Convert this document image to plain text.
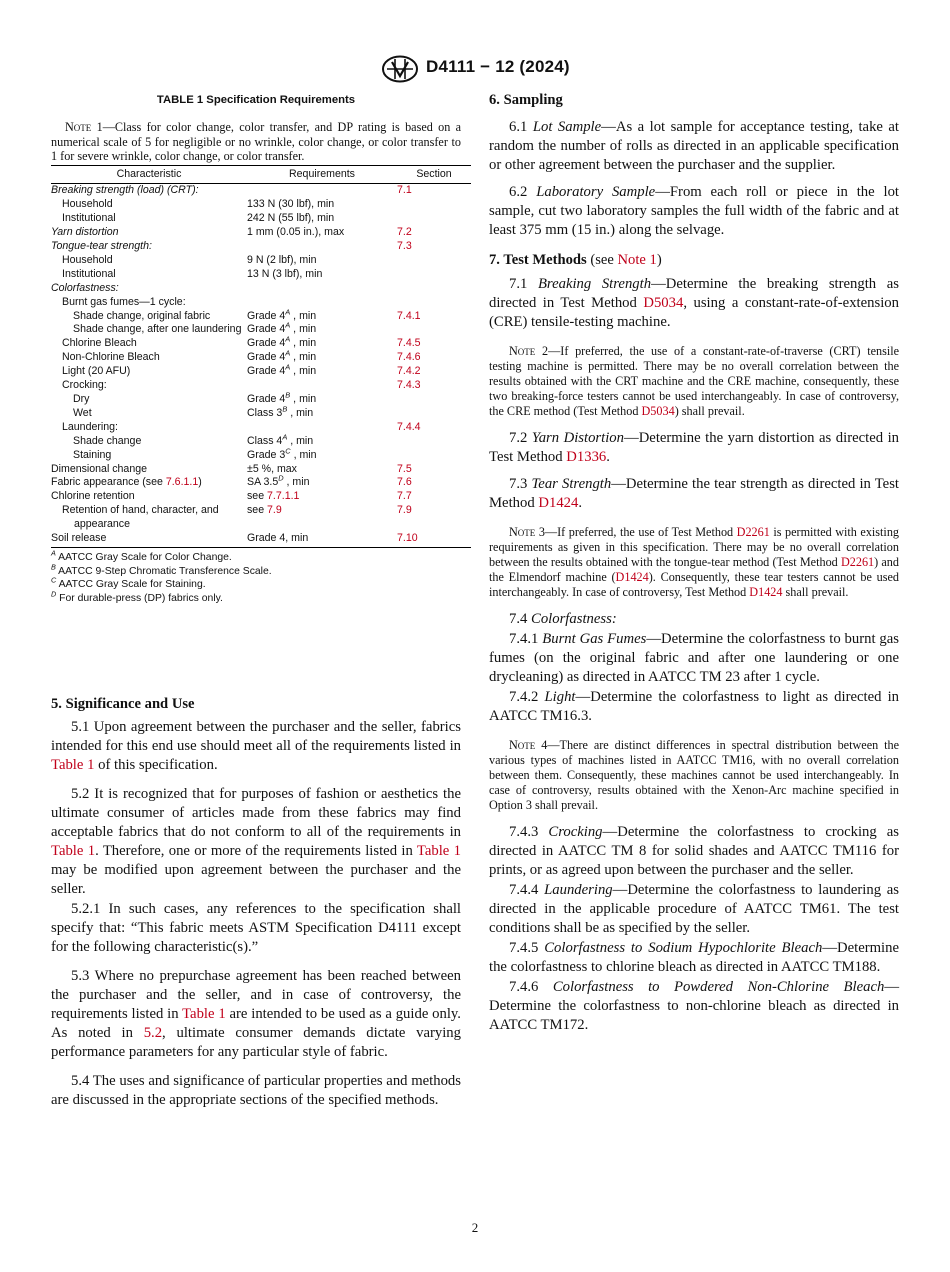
D4111 − 12 (2024)
TABLE 1 Specification Requirements

Note 1—Class for color change, color transfer, and DP rating is based on a numerical scale of 5 for negligible or no wrinkle, color change, or color transfer to 1 for severe wrinkle, color change, or color transfer.

Characteristic	Requirements	Section
Breaking strength (load) (CRT):		7.1
Household	133 N (30 lbf), min	
Institutional	242 N (55 lbf), min	
Yarn distortion	1 mm (0.05 in.), max	7.2
Tongue-tear strength:		7.3
Household	9 N (2 lbf), min	
Institutional	13 N (3 lbf), min	
Colorfastness:		
Burnt gas fumes—1 cycle:		
Shade change, original fabric	Grade $4^A$ , min	7.4.1

Shade change, after one laundering	Grade $4^A$ , min	
Chlorine Bleach	Grade $4^A$ , min	7.4.5
Non-Chlorine Bleach	Grade $4^A$ , min	7.4.6
Light (20 AFU)	Grade $4^A$ , min	7.4.2
Crocking:		7.4.3
Dry	Grade $4^B$ , min	
Wet	Class $3^B$ , min	
Laundering:		7.4.4
Shade change	Class $4^A$ , min	
Staining	Grade $3^C$ , min	
Dimensional change	±5 %, max	7.5
Fabric appearance (see 7.6.1.1)	SA $3.5^D$ , min	7.6
Chlorine retention	see 7.7.1.1	7.7

Retention of hand, character, and appearance	see 7.9	7.9
Soil release	Grade 4, min	7.10
$^A$ AATCC Gray Scale for Color Change.
$^B$ AATCC 9-Step Chromatic Transference Scale.
$^C$ AATCC Gray Scale for Staining.
$^D$ For durable-press (DP) fabrics only.

5. Significance and Use

5.1 Upon agreement between the purchaser and the seller, fabrics intended for this end use should meet all of the requirements listed in Table 1 of this specification.

5.2 It is recognized that for purposes of fashion or aesthetics the ultimate consumer of articles made from these fabrics may find acceptable fabrics that do not conform to all of the requirements in Table 1. Therefore, one or more of the requirements listed in Table 1 may be modified upon agreement between the purchaser and the seller.

5.2.1 In such cases, any references to the specification shall specify that: “This fabric meets ASTM Specification D4111 except for the following characteristic(s).”

5.3 Where no prepurchase agreement has been reached between the purchaser and the seller, and in case of controversy, the requirements listed in Table 1 are intended to be used as a guide only. As noted in 5.2, ultimate consumer demands dictate varying performance parameters for any particular style of fabric.

5.4 The uses and significance of particular properties and methods are discussed in the appropriate sections of the specified methods.

6. Sampling

6.1 Lot Sample—As a lot sample for acceptance testing, take at random the number of rolls as directed in an applicable specification or other agreement between the purchaser and the supplier.

6.2 Laboratory Sample—From each roll or piece in the lot sample, cut two laboratory samples the full width of the fabric and at least 375 mm (15 in.) along the selvage.

7. Test Methods (see Note 1)

7.1 Breaking Strength—Determine the breaking strength as directed in Test Method D5034, using a constant-rate-of-extension (CRE) tensile-testing machine.

Note 2—If preferred, the use of a constant-rate-of-traverse (CRT) tensile testing machine is permitted. There may be no overall correlation between the results obtained with the CRT machine and the CRE machine, consequently, these two breaking-force testers cannot be used interchangeably. In case of controversy, the CRE method (Test Method D5034) shall prevail.

7.2 Yarn Distortion—Determine the yarn distortion as directed in Test Method D1336.

7.3 Tear Strength—Determine the tear strength as directed in Test Method D1424.

Note 3—If preferred, the use of Test Method D2261 is permitted with existing requirements as given in this specification. There may be no overall correlation between the results obtained with the tongue-tear method (Test Method D2261) and the Elmendorf machine (D1424). Consequently, these tear testers cannot be used interchangeably. In case of controversy, Test Method D1424 shall prevail.

7.4 Colorfastness:

7.4.1 Burnt Gas Fumes—Determine the colorfastness to burnt gas fumes (on the original fabric and after one laundering or one drycleaning) as directed in AATCC TM 23 after 1 cycle.

7.4.2 Light—Determine the colorfastness to light as directed in AATCC TM16.3.

Note 4—There are distinct differences in spectral distribution between the various types of machines listed in AATCC TM16, with no overall correlation between them. Consequently, these machines cannot be used interchangeably. In case of controversy, results obtained with the Xenon-Arc machine specified in Option 3 shall prevail.

7.4.3 Crocking—Determine the colorfastness to crocking as directed in AATCC TM 8 for solid shades and AATCC TM116 for prints, or as agreed upon between the purchaser and the seller.

7.4.4 Laundering—Determine the colorfastness to laundering as directed in the applicable procedure of AATCC TM61. The test conditions shall be as specified by the seller.

7.4.5 Colorfastness to Sodium Hypochlorite Bleach—Determine the colorfastness to chlorine bleach as directed in AATCC TM188.

7.4.6 Colorfastness to Powdered Non-Chlorine Bleach—Determine the colorfastness to non-chlorine bleach as directed in AATCC TM172.

2
